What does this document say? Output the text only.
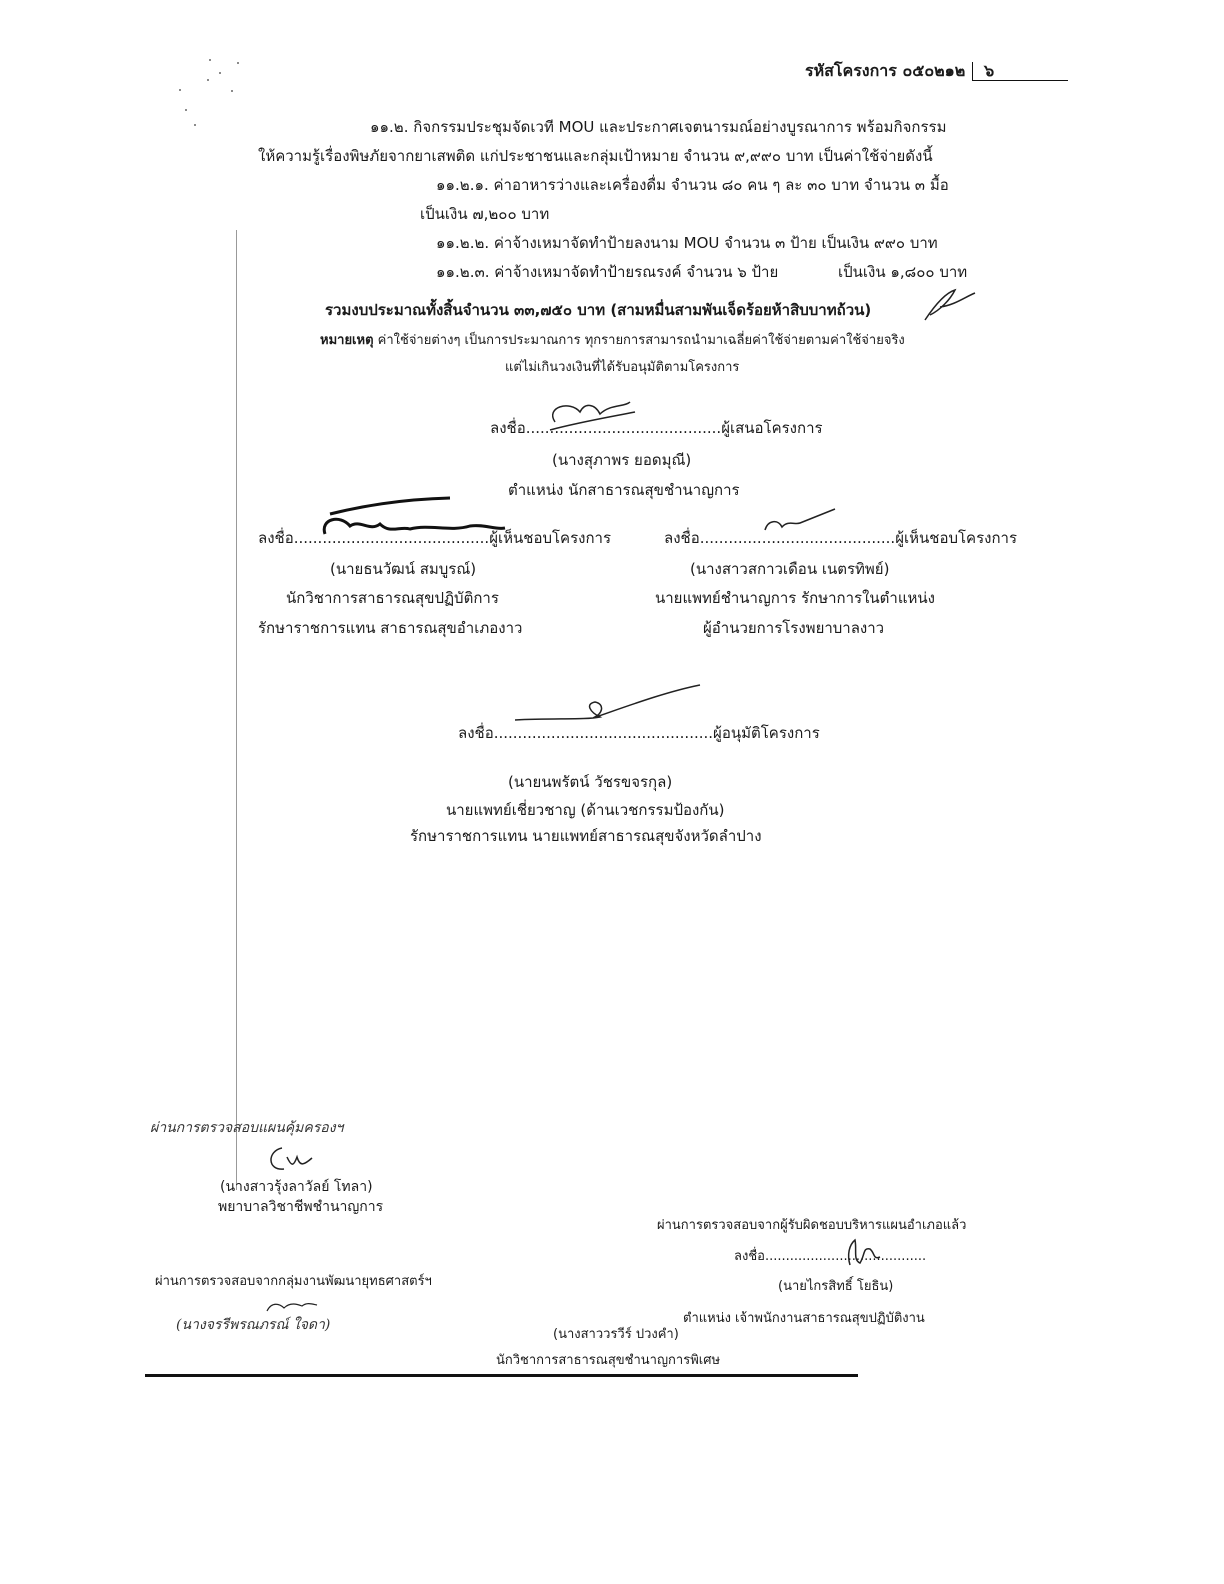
รหัสโครงการ ๐๕๐๒๑๒ ๖
๑๑.๒. กิจกรรมประชุมจัดเวที MOU และประกาศเจตนารมณ์อย่างบูรณาการ พร้อมกิจกรรม
ให้ความรู้เรื่องพิษภัยจากยาเสพติด แก่ประชาชนและกลุ่มเป้าหมาย จำนวน ๙,๙๙๐ บาท เป็นค่าใช้จ่ายดังนี้
๑๑.๒.๑. ค่าอาหารว่างและเครื่องดื่ม จำนวน ๘๐ คน ๆ ละ ๓๐ บาท จำนวน ๓ มื้อ
เป็นเงิน ๗,๒๐๐ บาท
๑๑.๒.๒. ค่าจ้างเหมาจัดทำป้ายลงนาม MOU จำนวน ๓ ป้าย เป็นเงิน ๙๙๐ บาท
๑๑.๒.๓. ค่าจ้างเหมาจัดทำป้ายรณรงค์ จำนวน ๖ ป้าย	เป็นเงิน ๑,๘๐๐ บาท
รวมงบประมาณทั้งสิ้นจำนวน ๓๓,๗๕๐ บาท (สามหมื่นสามพันเจ็ดร้อยห้าสิบบาทถ้วน)
หมายเหตุ ค่าใช้จ่ายต่างๆ เป็นการประมาณการ ทุกรายการสามารถนำมาเฉลี่ยค่าใช้จ่ายตามค่าใช้จ่ายจริง
แต่ไม่เกินวงเงินที่ได้รับอนุมัติตามโครงการ
ลงชื่อ.........................................ผู้เสนอโครงการ
(นางสุภาพร ยอดมุณี)
ตำแหน่ง นักสาธารณสุขชำนาญการ
ลงชื่อ.........................................ผู้เห็นชอบโครงการ
(นายธนวัฒน์ สมบูรณ์)
นักวิชาการสาธารณสุขปฏิบัติการ
รักษาราชการแทน สาธารณสุขอำเภองาว
ลงชื่อ.........................................ผู้เห็นชอบโครงการ
(นางสาวสกาวเดือน เนตรทิพย์)
นายแพทย์ชำนาญการ รักษาการในตำแหน่ง
ผู้อำนวยการโรงพยาบาลงาว
ลงชื่อ..............................................ผู้อนุมัติโครงการ
(นายนพรัตน์ วัชรขจรกุล)
นายแพทย์เชี่ยวชาญ (ด้านเวชกรรมป้องกัน)
รักษาราชการแทน นายแพทย์สาธารณสุขจังหวัดลำปาง
ผ่านการตรวจสอบแผนคุ้มครองฯ
(นางสาวรุ้งลาวัลย์ โทลา)
พยาบาลวิชาชีพชำนาญการ
ผ่านการตรวจสอบจากผู้รับผิดชอบบริหารแผนอำเภอแล้ว
ลงชื่อ.......................................
(นายไกรสิทธิ์ โยธิน)
ตำแหน่ง เจ้าพนักงานสาธารณสุขปฏิบัติงาน
ผ่านการตรวจสอบจากกลุ่มงานพัฒนายุทธศาสตร์ฯ
(นางจรรีพรณภรณ์ ใจดา)
(นางสาววรวีร์ ปวงคำ)
นักวิชาการสาธารณสุขชำนาญการพิเศษ
